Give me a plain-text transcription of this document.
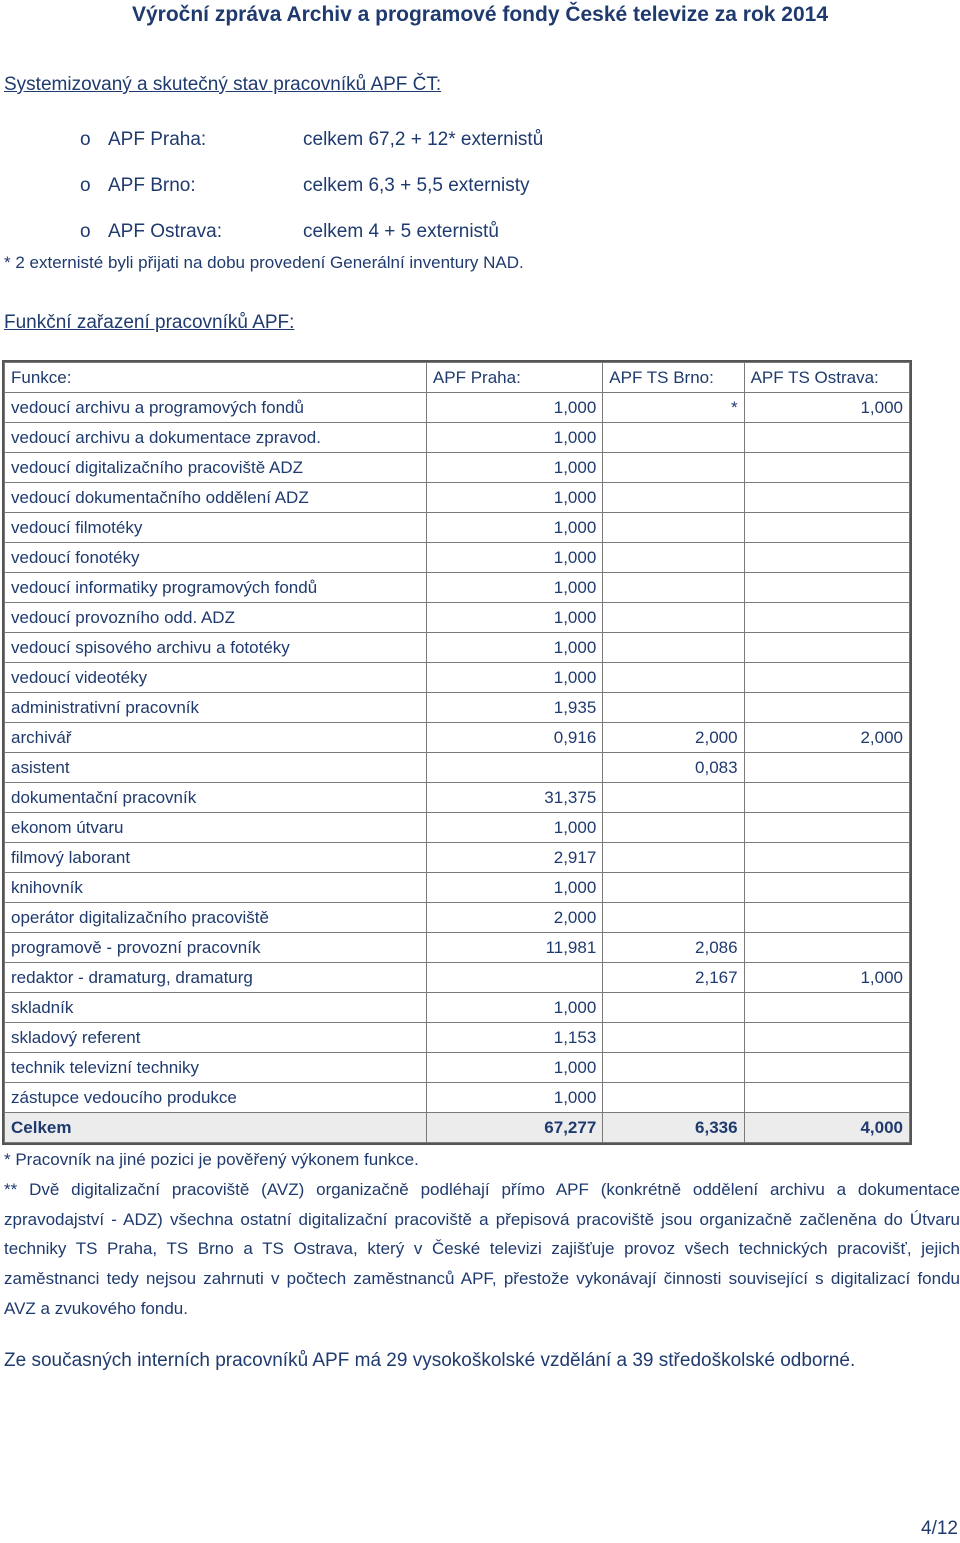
Výroční zpráva Archiv a programové fondy České televize za rok 2014
Systemizovaný a skutečný stav pracovníků APF ČT:
o APF Praha:	celkem 67,2 + 12* externistů
o APF Brno:	celkem 6,3 + 5,5 externisty
o APF Ostrava:	celkem 4 + 5 externistů
* 2 externisté byli přijati na dobu provedení Generální inventury NAD.
Funkční zařazení pracovníků APF:
Funkce:	APF Praha:	APF TS Brno:	APF TS Ostrava:
vedoucí archivu a programových fondů	1,000	*	1,000
vedoucí archivu a dokumentace zpravod.	1,000		
vedoucí digitalizačního pracoviště ADZ	1,000		
vedoucí dokumentačního oddělení ADZ	1,000		
vedoucí filmotéky	1,000		
vedoucí fonotéky	1,000		
vedoucí informatiky programových fondů	1,000		
vedoucí provozního odd. ADZ	1,000		
vedoucí spisového archivu a fototéky	1,000		
vedoucí videotéky	1,000		
administrativní pracovník	1,935		
archivář	0,916	2,000	2,000
asistent		0,083	
dokumentační pracovník	31,375		
ekonom útvaru	1,000		
filmový laborant	2,917		
knihovník	1,000		
operátor digitalizačního pracoviště	2,000		
programově - provozní pracovník	11,981	2,086	
redaktor - dramaturg, dramaturg		2,167	1,000
skladník	1,000		
skladový referent	1,153		
technik televizní techniky	1,000		
zástupce vedoucího produkce	1,000		
Celkem	67,277	6,336	4,000

* Pracovník na jiné pozici je pověřený výkonem funkce.

** Dvě digitalizační pracoviště (AVZ) organizačně podléhají přímo APF (konkrétně oddělení archivu a dokumentace zpravodajství - ADZ) všechna ostatní digitalizační pracoviště a přepisová pracoviště jsou organizačně začleněna do Útvaru techniky TS Praha, TS Brno a TS Ostrava, který v České televizi zajišťuje provoz všech technických pracovišť, jejich zaměstnanci tedy nejsou zahrnuti v počtech zaměstnanců APF, přestože vykonávají činnosti související s digitalizací fondu AVZ a zvukového fondu.

Ze současných interních pracovníků APF má 29 vysokoškolské vzdělání a 39 středoškolské odborné.
4/12
